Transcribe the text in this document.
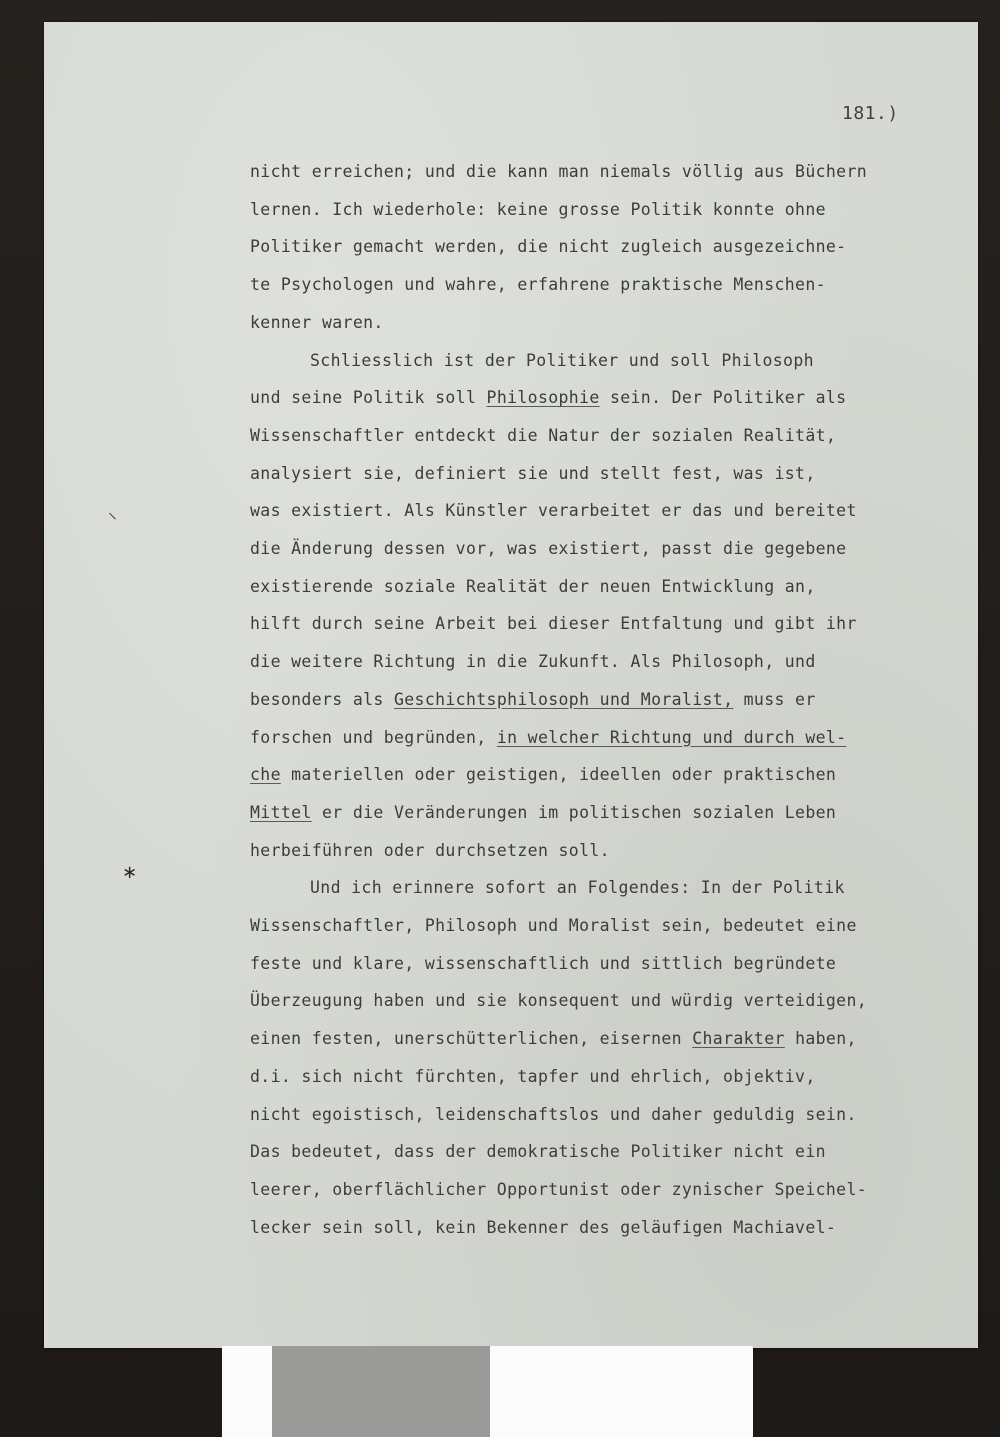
181.)
nicht erreichen; und die kann man niemals völlig aus Büchern
lernen. Ich wiederhole: keine grosse Politik konnte ohne
Politiker gemacht werden, die nicht zugleich ausgezeichne-
te Psychologen und wahre, erfahrene praktische Menschen-
kenner waren.
Schliesslich ist der Politiker und soll Philosoph
und seine Politik soll Philosophie sein. Der Politiker als
Wissenschaftler entdeckt die Natur der sozialen Realität,
analysiert sie, definiert sie und stellt fest, was ist,
was existiert. Als Künstler verarbeitet er das und bereitet
die Änderung dessen vor, was existiert, passt die gegebene
existierende soziale Realität der neuen Entwicklung an,
hilft durch seine Arbeit bei dieser Entfaltung und gibt ihr
die weitere Richtung in die Zukunft. Als Philosoph, und
besonders als Geschichtsphilosoph und Moralist, muss er
forschen und begründen, in welcher Richtung und durch wel-
che materiellen oder geistigen, ideellen oder praktischen
Mittel er die Veränderungen im politischen sozialen Leben
herbeiführen oder durchsetzen soll.
Und ich erinnere sofort an Folgendes: In der Politik
Wissenschaftler, Philosoph und Moralist sein, bedeutet eine
feste und klare, wissenschaftlich und sittlich begründete
Überzeugung haben und sie konsequent und würdig verteidigen,
einen festen, unerschütterlichen, eisernen Charakter haben,
d.i. sich nicht fürchten, tapfer und ehrlich, objektiv,
nicht egoistisch, leidenschaftslos und daher geduldig sein.
Das bedeutet, dass der demokratische Politiker nicht ein
leerer, oberflächlicher Opportunist oder zynischer Speichel-
lecker sein soll, kein Bekenner des geläufigen Machiavel-
⸜
∗
